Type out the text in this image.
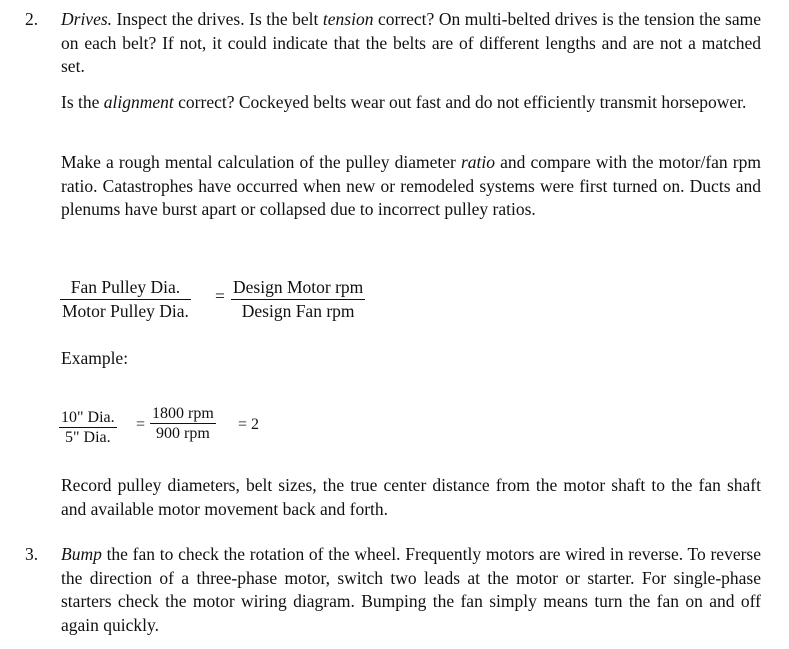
2. Drives. Inspect the drives. Is the belt tension correct? On multi-belted drives is the tension the same on each belt? If not, it could indicate that the belts are of different lengths and are not a matched set.

Is the alignment correct? Cockeyed belts wear out fast and do not efficiently transmit horsepower.

Make a rough mental calculation of the pulley diameter ratio and compare with the motor/fan rpm ratio. Catastrophes have occurred when new or remodeled systems were first turned on. Ducts and plenums have burst apart or collapsed due to incorrect pulley ratios.

Fan Pulley Dia.
Motor Pulley Dia.
= Design Motor rpm
Design Fan rpm
Example:
10" Dia.
5" Dia.
=
1800 rpm
900 rpm
= 2

Record pulley diameters, belt sizes, the true center distance from the motor shaft to the fan shaft and available motor movement back and forth.

3. Bump the fan to check the rotation of the wheel. Frequently motors are wired in reverse. To reverse the direction of a three-phase motor, switch two leads at the motor or starter. For single-phase starters check the motor wiring diagram. Bumping the fan simply means turn the fan on and off again quickly.
